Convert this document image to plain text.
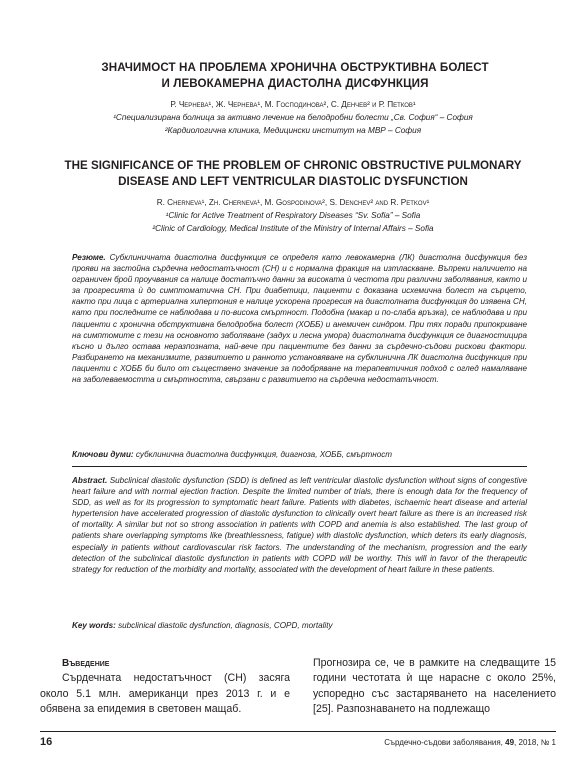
ЗНАЧИМОСТ НА ПРОБЛЕМА ХРОНИЧНА ОБСТРУКТИВНА БОЛЕСТ
И ЛЕВОКАМЕРНА ДИАСТОЛНА ДИСФУНКЦИЯ
Р. Чернева¹, Ж. Чернева¹, М. Господинова², С. Денчев² и Р. Петков¹
¹Специализирана болница за активно лечение на белодробни болести „Св. София“ – София
²Кардиологична клиника, Медицински институт на МВР – София
THE SIGNIFICANCE OF THE PROBLEM OF CHRONIC OBSTRUCTIVE PULMONARY
DISEASE AND LEFT VENTRICULAR DIASTOLIC DYSFUNCTION
R. Cherneva¹, Zh. Cherneva¹, M. Gospodinova², S. Denchev² and R. Petkov¹
¹Clinic for Active Treatment of Respiratory Diseases “Sv. Sofia” – Sofia
²Clinic of Cardiology, Medical Institute of the Ministry of Internal Affairs – Sofia
Резюме. Субклиничната диастолна дисфункция се определя като левокамерна (ЛК) диастолна дисфункция без прояви на застойна сърдечна недостатъчност (СН) и с нормална фракция на изтласкване. Въпреки наличието на ограничен брой проучвания са налице достатъчно данни за високата ѝ честота при различни заболявания, както и за прогресията ѝ до симптоматична СН. При диабетици, пациенти с доказана исхемична болест на сърцето, както при лица с артериална хипертония е налице ускорена прогресия на диастолната дисфункция до изявена СН, като при последните се наблюдава и по-висока смъртност. Подобна (макар и по-слаба връзка), се наблюдава и при пациенти с хронична обструктивна белодробна болест (ХОББ) и анемичен синдром. При тях поради припокриване на симптомите с тези на основното заболяване (задух и лесна умора) диастолната дисфункция се диагностицира късно и дълго остава неразпозната, най-вече при пациентите без данни за сърдечно-съдови рискови фактори. Разбирането на механизмите, развитието и ранното установяване на субклинична ЛК диастолна дисфункция при пациенти с ХОББ би било от съществено значение за подобряване на терапевтичния подход с оглед намаляване на заболеваемостта и смъртността, свързани с развитието на сърдечна недостатъчност.
Ключови думи: субклинична диастолна дисфункция, диагноза, ХОББ, смъртност
Abstract. Subclinical diastolic dysfunction (SDD) is defined as left ventricular diastolic dysfunction without signs of congestive heart failure and with normal ejection fraction. Despite the limited number of trials, there is enough data for the frequency of SDD, as well as for its progression to symptomatic heart failure. Patients with diabetes, ischaemic heart disease and arterial hypertension have accelerated progression of diastolic dysfunction to clinically overt heart failure as there is an increased risk of mortality. A similar but not so strong association in patients with COPD and anemia is also established. The last group of patients share overlapping symptoms like (breathlessness, fatigue) with diastolic dysfunction, which deters its early diagnosis, especially in patients without cardiovascular risk factors. The understanding of the mechanism, progression and the early detection of the subclinical diastolic dysfunction in patients with COPD will be worthy. This will in favor of the therapeutic strategy for reduction of the morbidity and mortality, associated with the development of heart failure in these patients.
Key words: subclinical diastolic dysfunction, diagnosis, COPD, mortality
Въведение
Сърдечната недостатъчност (СН) засяга около 5.1 млн. американци през 2013 г. и е обявена за епидемия в световен мащаб.
Прогнозира се, че в рамките на следващите 15 години честотата ѝ ще нарасне с около 25%, успоредно със застаряването на населението [25]. Разпознаването на подлежащо
16	Сърдечно-съдови заболявания, 49, 2018, № 1
